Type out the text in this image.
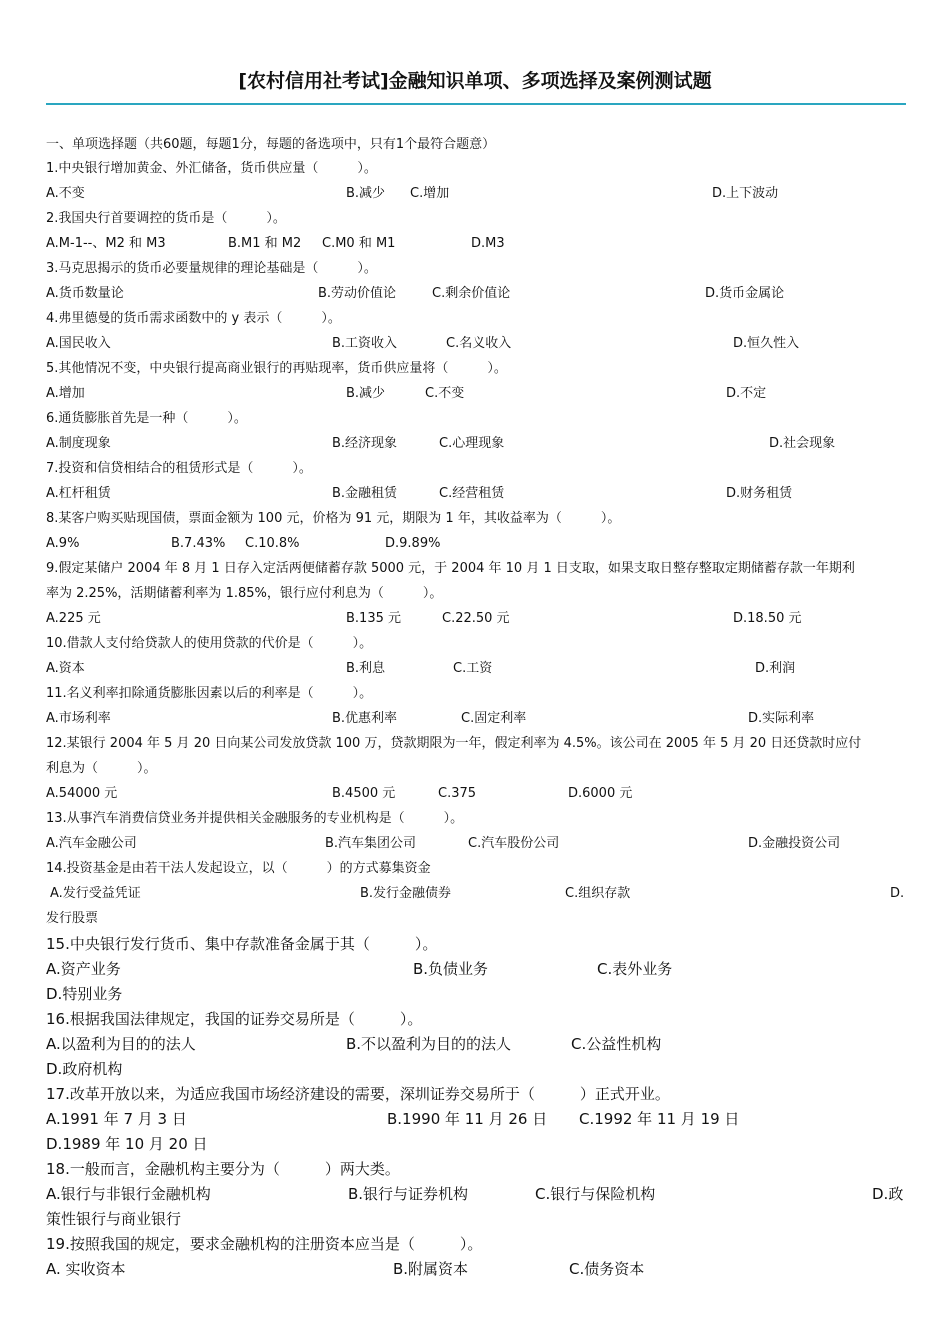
[农村信用社考试]金融知识单项、多项选择及案例测试题
一、单项选择题（共60题，每题1分，每题的备选项中，只有1个最符合题意）
1.中央银行增加黄金、外汇储备，货币供应量（　　　）。
A.不变	B.减少 C.增加	D.上下波动
2.我国央行首要调控的货币是（　　　）。
A.M-1--、M2 和 M3	B.M1 和 M2 C.M0 和 M1	D.M3
3.马克思揭示的货币必要量规律的理论基础是（　　　）。
A.货币数量论	B.劳动价值论	C.剩余价值论	D.货币金属论
4.弗里德曼的货币需求函数中的 y 表示（　　　）。
A.国民收入	B.工资收入	C.名义收入	D.恒久性入
5.其他情况不变，中央银行提高商业银行的再贴现率，货币供应量将（　　　）。
A.增加	B.减少	C.不变	D.不定
6.通货膨胀首先是一种（　　　）。
A.制度现象	B.经济现象	C.心理现象	D.社会现象
7.投资和信贷相结合的租赁形式是（　　　）。
A.杠杆租赁	B.金融租赁	C.经营租赁	D.财务租赁
8.某客户购买贴现国债，票面金额为 100 元，价格为 91 元，期限为 1 年，其收益率为（　　　）。
A.9%	B.7.43% C.10.8%	D.9.89%
9.假定某储户 2004 年 8 月 1 日存入定活两便储蓄存款 5000 元，于 2004 年 10 月 1 日支取，如果支取日整存整取定期储蓄存款一年期利
率为 2.25%，活期储蓄利率为 1.85%，银行应付利息为（　　　）。
A.225 元	B.135 元	C.22.50 元	D.18.50 元
10.借款人支付给贷款人的使用贷款的代价是（　　　）。
A.资本	B.利息	C.工资	D.利润
11.名义利率扣除通货膨胀因素以后的利率是（　　　）。
A.市场利率	B.优惠利率	C.固定利率	D.实际利率
12.某银行 2004 年 5 月 20 日向某公司发放贷款 100 万，贷款期限为一年，假定利率为 4.5%。该公司在 2005 年 5 月 20 日还贷款时应付
利息为（　　　）。
A.54000 元	B.4500 元	C.375	D.6000 元
13.从事汽车消费信贷业务并提供相关金融服务的专业机构是（　　　）。
A.汽车金融公司	B.汽车集团公司	C.汽车股份公司	D.金融投资公司
14.投资基金是由若干法人发起设立，以（　　　）的方式募集资金
A.发行受益凭证	B.发行金融债券	C.组织存款	D.
发行股票
15.中央银行发行货币、集中存款准备金属于其（　　　）。
A.资产业务	B.负债业务	C.表外业务
D.特别业务
16.根据我国法律规定，我国的证券交易所是（　　　）。
A.以盈利为目的的法人	B.不以盈利为目的的法人	C.公益性机构
D.政府机构
17.改革开放以来，为适应我国市场经济建设的需要，深圳证券交易所于（　　　）正式开业。
A.1991 年 7 月 3 日	B.1990 年 11 月 26 日 C.1992 年 11 月 19 日
D.1989 年 10 月 20 日
18.一般而言，金融机构主要分为（　　　）两大类。
A.银行与非银行金融机构	B.银行与证券机构	C.银行与保险机构	D.政
策性银行与商业银行
19.按照我国的规定，要求金融机构的注册资本应当是（　　　）。
A. 实收资本	B.附属资本	C.债务资本
